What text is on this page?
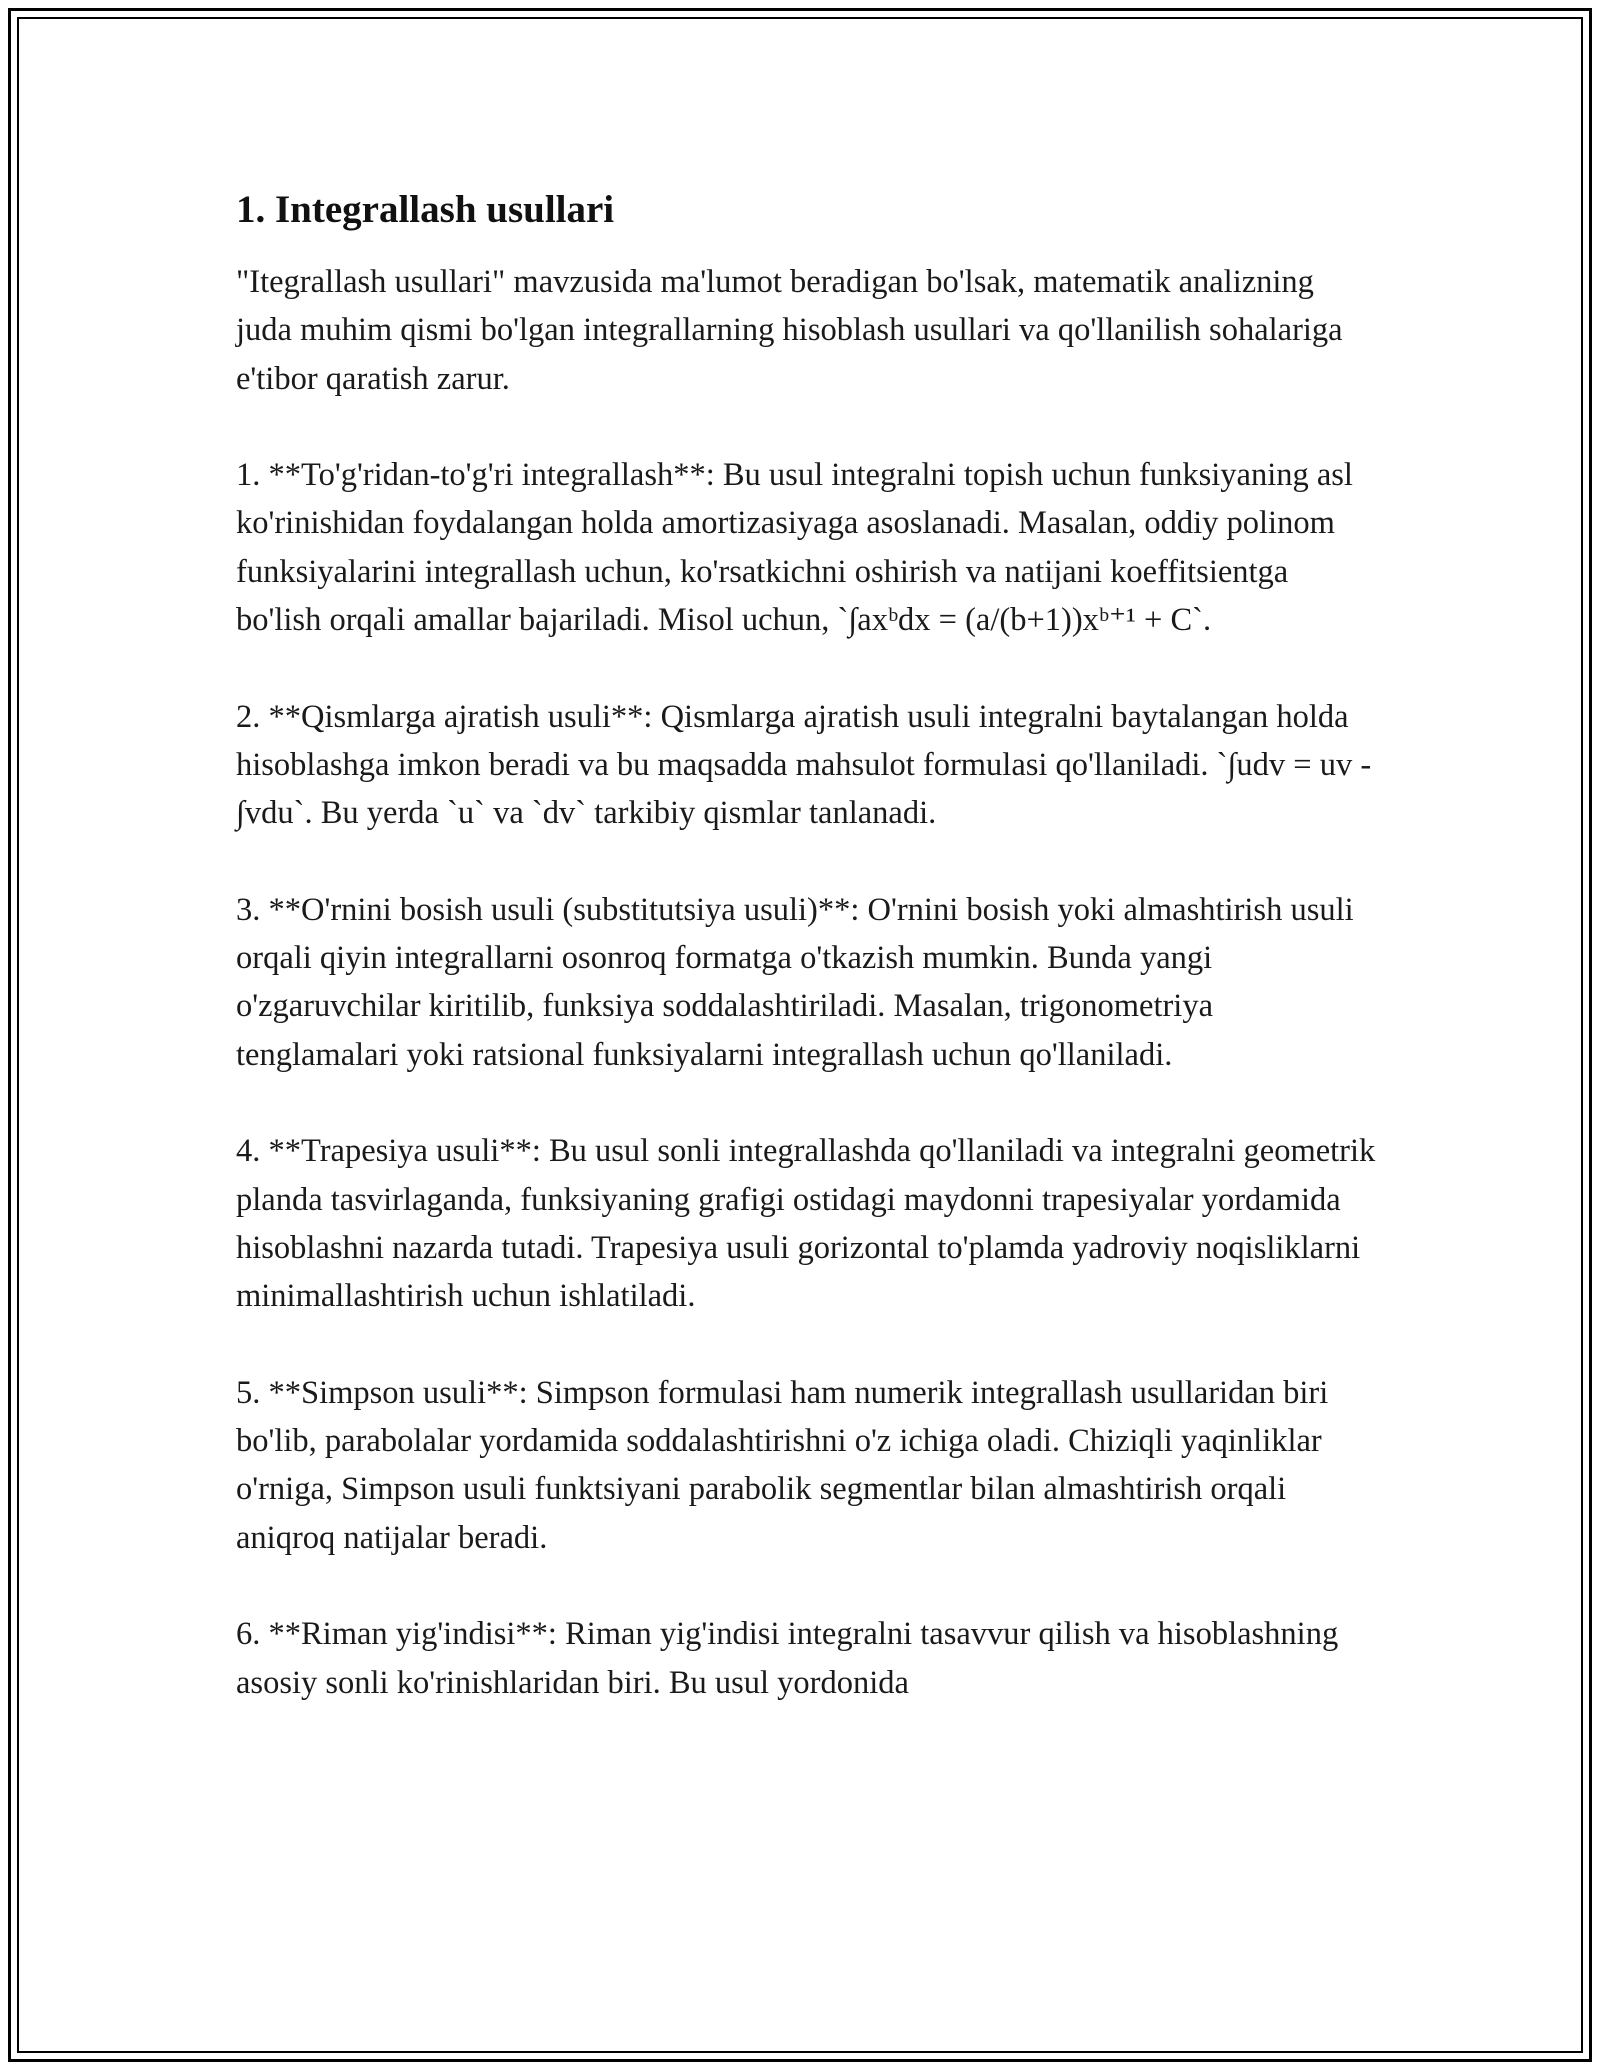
1. Integrallash usullari

"Itegrallash usullari" mavzusida ma'lumot beradigan bo'lsak, matematik analizning juda muhim qismi bo'lgan integrallarning hisoblash usullari va qo'llanilish sohalariga e'tibor qaratish zarur.

1. **To'g'ridan-to'g'ri integrallash**: Bu usul integralni topish uchun funksiyaning asl ko'rinishidan foydalangan holda amortizasiyaga asoslanadi. Masalan, oddiy polinom funksiyalarini integrallash uchun, ko'rsatkichni oshirish va natijani koeffitsientga bo'lish orqali amallar bajariladi. Misol uchun, `∫axᵇdx = (a/(b+1))xᵇ⁺¹ + C`.

2. **Qismlarga ajratish usuli**: Qismlarga ajratish usuli integralni baytalangan holda hisoblashga imkon beradi va bu maqsadda mahsulot formulasi qo'llaniladi. `∫udv = uv - ∫vdu`. Bu yerda `u` va `dv` tarkibiy qismlar tanlanadi.

3. **O'rnini bosish usuli (substitutsiya usuli)**: O'rnini bosish yoki almashtirish usuli orqali qiyin integrallarni osonroq formatga o'tkazish mumkin. Bunda yangi o'zgaruvchilar kiritilib, funksiya soddalashtiriladi. Masalan, trigonometriya tenglamalari yoki ratsional funksiyalarni integrallash uchun qo'llaniladi.

4. **Trapesiya usuli**: Bu usul sonli integrallashda qo'llaniladi va integralni geometrik planda tasvirlaganda, funksiyaning grafigi ostidagi maydonni trapesiyalar yordamida hisoblashni nazarda tutadi. Trapesiya usuli gorizontal to'plamda yadroviy noqisliklarni minimallashtirish uchun ishlatiladi.

5. **Simpson usuli**: Simpson formulasi ham numerik integrallash usullaridan biri bo'lib, parabolalar yordamida soddalashtirishni o'z ichiga oladi. Chiziqli yaqinliklar o'rniga, Simpson usuli funktsiyani parabolik segmentlar bilan almashtirish orqali aniqroq natijalar beradi.

6. **Riman yig'indisi**: Riman yig'indisi integralni tasavvur qilish va hisoblashning asosiy sonli ko'rinishlaridan biri. Bu usul yordonida
